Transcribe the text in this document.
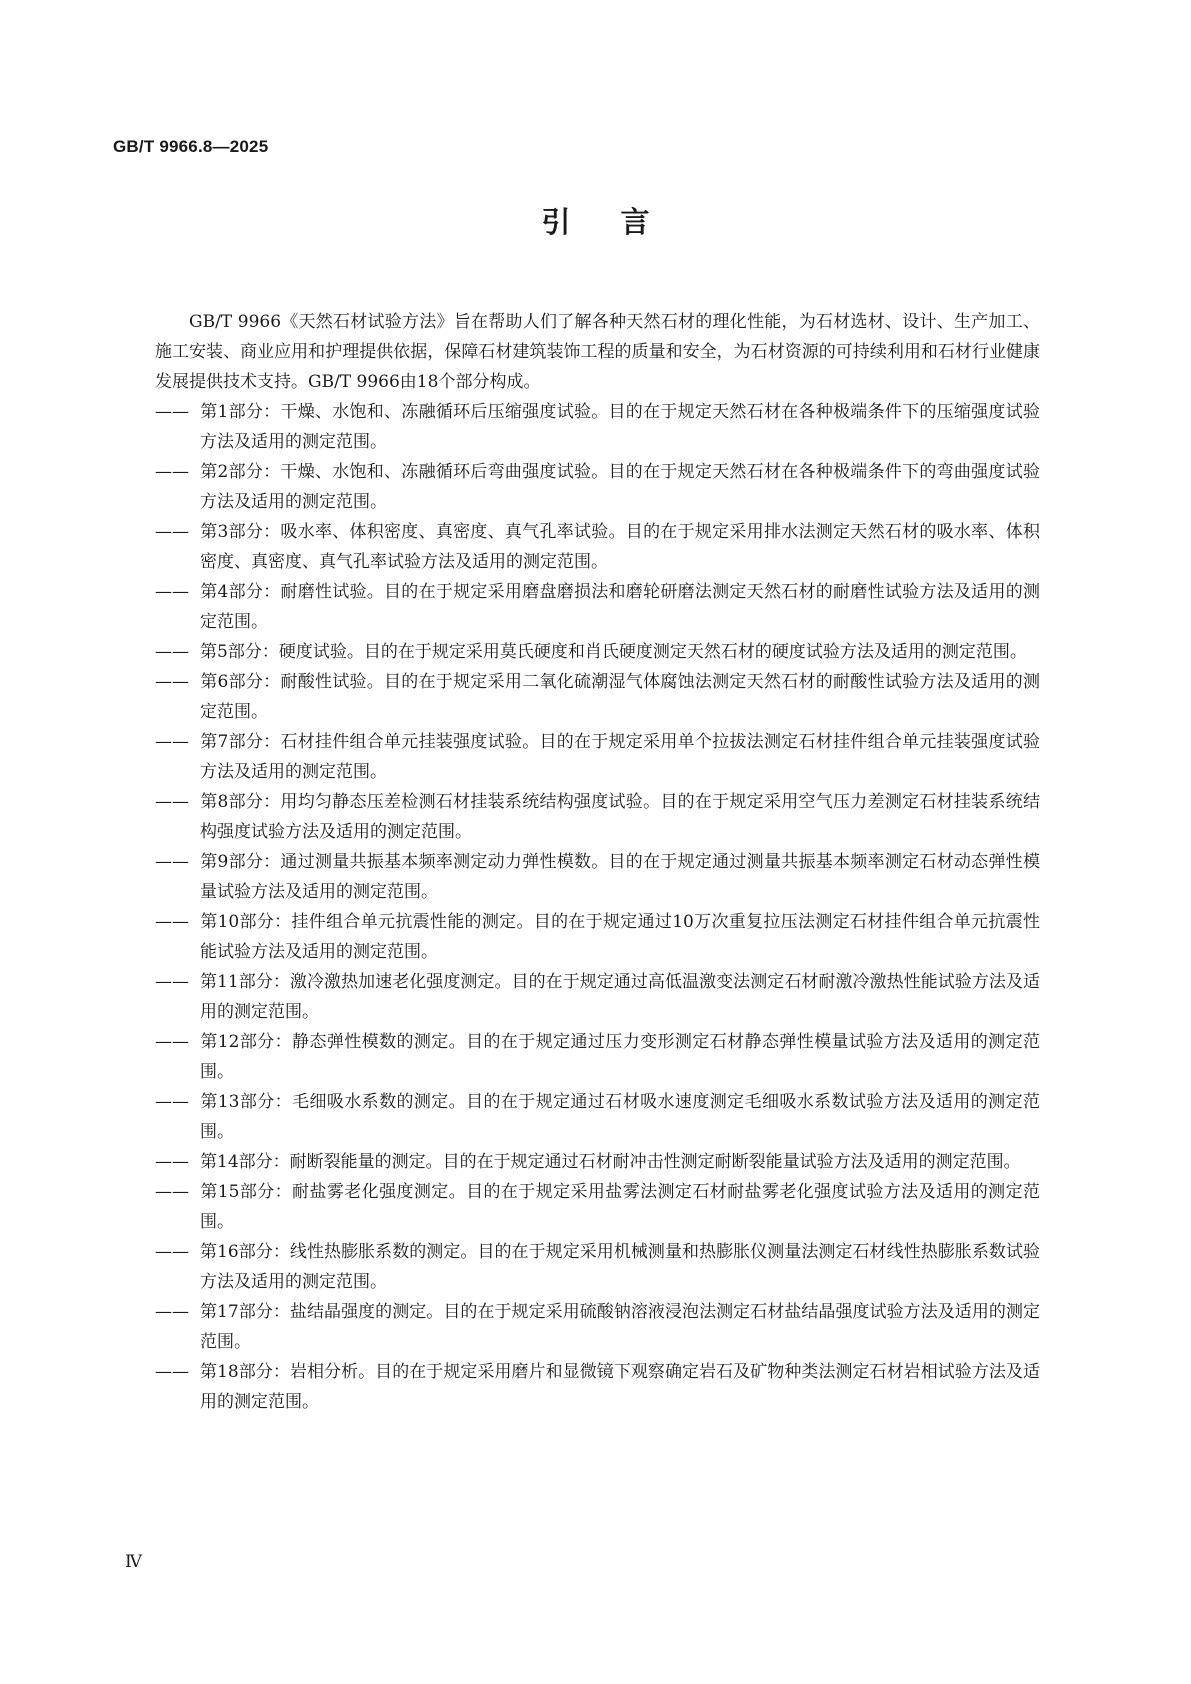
GB/T 9966.8—2025
引言

GB/T 9966《天然石材试验方法》旨在帮助人们了解各种天然石材的理化性能，为石材选材、设计、生产加工、施工安装、商业应用和护理提供依据，保障石材建筑装饰工程的质量和安全，为石材资源的可持续利用和石材行业健康发展提供技术支持。GB/T 9966由18个部分构成。

—— 第1部分：干燥、水饱和、冻融循环后压缩强度试验。目的在于规定天然石材在各种极端条件下的压缩强度试验方法及适用的测定范围。
—— 第2部分：干燥、水饱和、冻融循环后弯曲强度试验。目的在于规定天然石材在各种极端条件下的弯曲强度试验方法及适用的测定范围。
—— 第3部分：吸水率、体积密度、真密度、真气孔率试验。目的在于规定采用排水法测定天然石材的吸水率、体积密度、真密度、真气孔率试验方法及适用的测定范围。
—— 第4部分：耐磨性试验。目的在于规定采用磨盘磨损法和磨轮研磨法测定天然石材的耐磨性试验方法及适用的测定范围。
—— 第5部分：硬度试验。目的在于规定采用莫氏硬度和肖氏硬度测定天然石材的硬度试验方法及适用的测定范围。
—— 第6部分：耐酸性试验。目的在于规定采用二氧化硫潮湿气体腐蚀法测定天然石材的耐酸性试验方法及适用的测定范围。
—— 第7部分：石材挂件组合单元挂装强度试验。目的在于规定采用单个拉拔法测定石材挂件组合单元挂装强度试验方法及适用的测定范围。
—— 第8部分：用均匀静态压差检测石材挂装系统结构强度试验。目的在于规定采用空气压力差测定石材挂装系统结构强度试验方法及适用的测定范围。
—— 第9部分：通过测量共振基本频率测定动力弹性模数。目的在于规定通过测量共振基本频率测定石材动态弹性模量试验方法及适用的测定范围。
—— 第10部分：挂件组合单元抗震性能的测定。目的在于规定通过10万次重复拉压法测定石材挂件组合单元抗震性能试验方法及适用的测定范围。
—— 第11部分：激冷激热加速老化强度测定。目的在于规定通过高低温激变法测定石材耐激冷激热性能试验方法及适用的测定范围。
—— 第12部分：静态弹性模数的测定。目的在于规定通过压力变形测定石材静态弹性模量试验方法及适用的测定范围。
—— 第13部分：毛细吸水系数的测定。目的在于规定通过石材吸水速度测定毛细吸水系数试验方法及适用的测定范围。
—— 第14部分：耐断裂能量的测定。目的在于规定通过石材耐冲击性测定耐断裂能量试验方法及适用的测定范围。
—— 第15部分：耐盐雾老化强度测定。目的在于规定采用盐雾法测定石材耐盐雾老化强度试验方法及适用的测定范围。
—— 第16部分：线性热膨胀系数的测定。目的在于规定采用机械测量和热膨胀仪测量法测定石材线性热膨胀系数试验方法及适用的测定范围。
—— 第17部分：盐结晶强度的测定。目的在于规定采用硫酸钠溶液浸泡法测定石材盐结晶强度试验方法及适用的测定范围。
—— 第18部分：岩相分析。目的在于规定采用磨片和显微镜下观察确定岩石及矿物种类法测定石材岩相试验方法及适用的测定范围。
Ⅳ
